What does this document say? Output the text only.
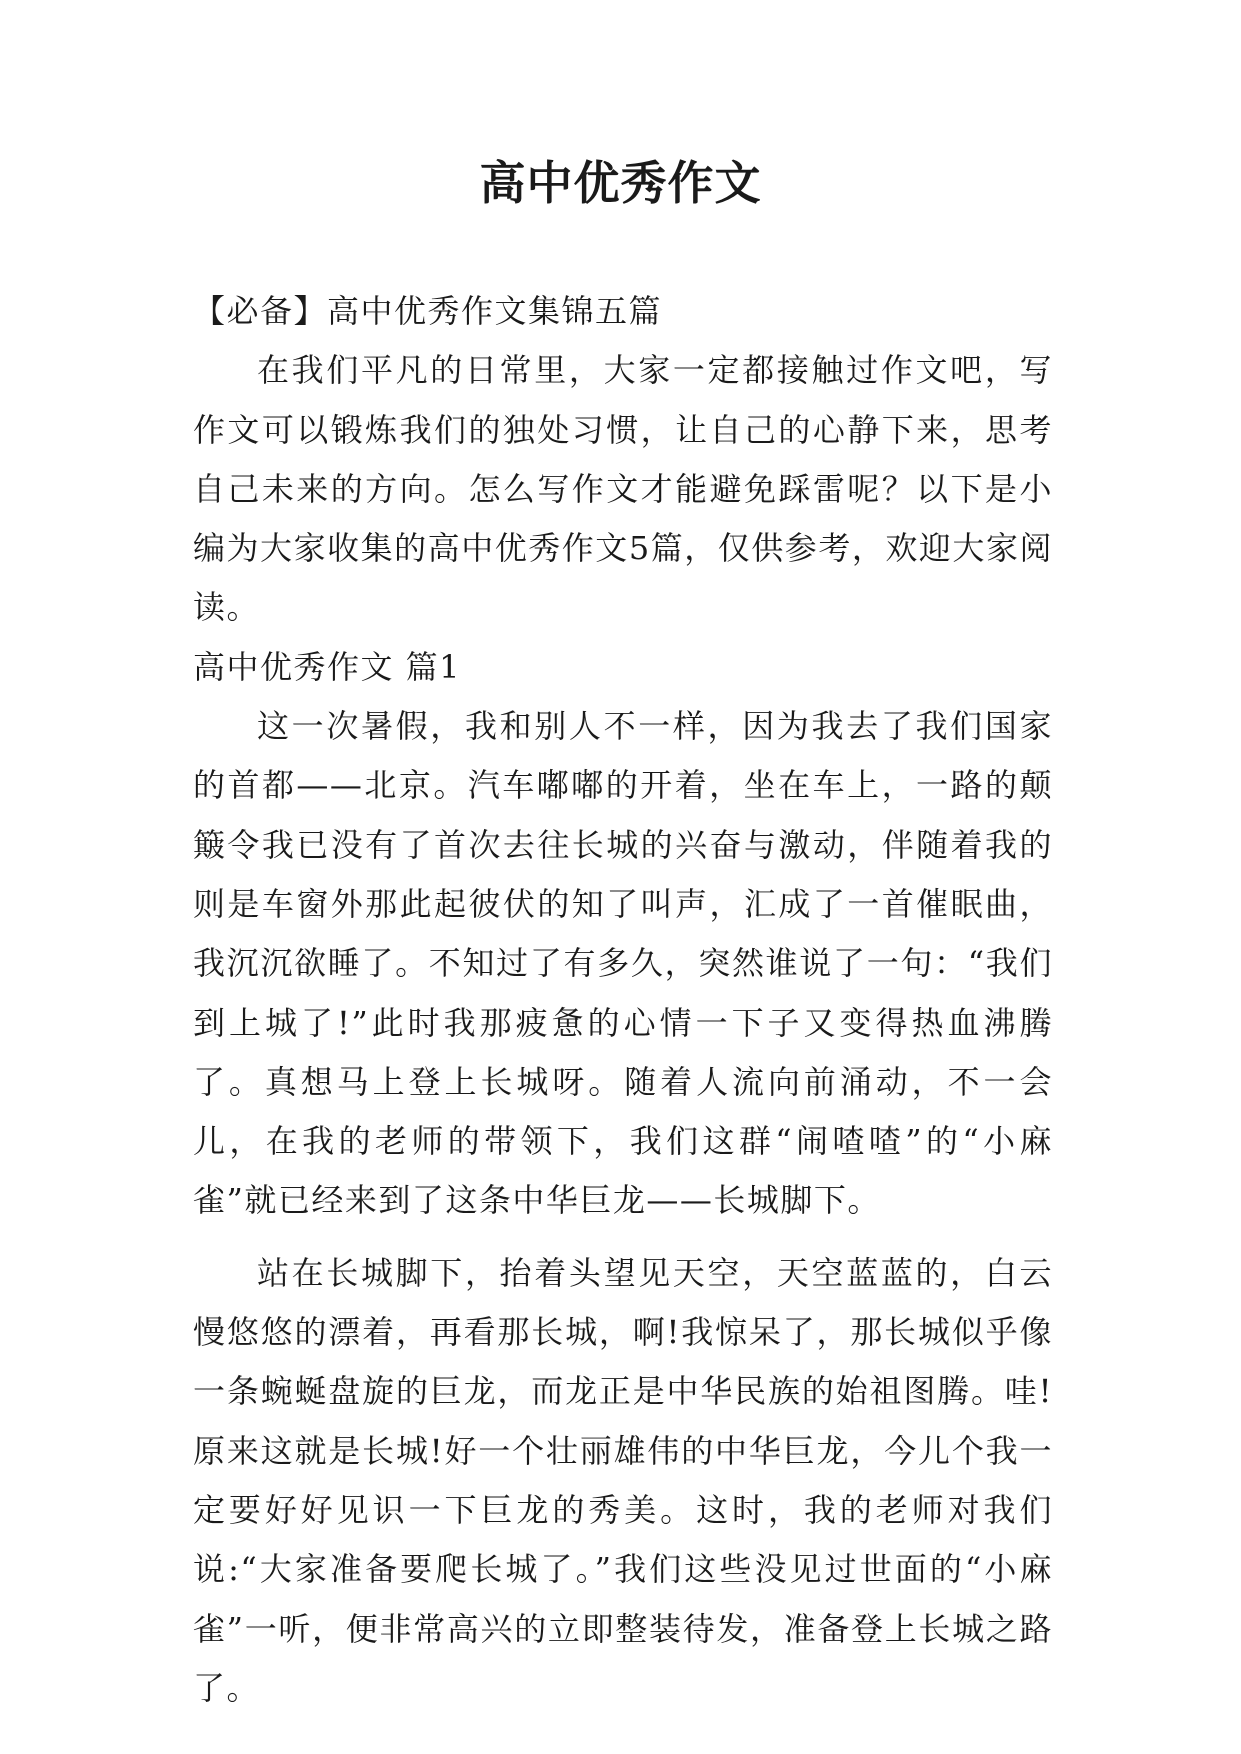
高中优秀作文

【必备】高中优秀作文集锦五篇

在我们平凡的日常里，大家一定都接触过作文吧，写作文可以锻炼我们的独处习惯，让自己的心静下来，思考自己未来的方向。怎么写作文才能避免踩雷呢？以下是小编为大家收集的高中优秀作文5篇，仅供参考，欢迎大家阅读。

高中优秀作文 篇1

这一次暑假，我和别人不一样，因为我去了我们国家的首都——北京。汽车嘟嘟的开着，坐在车上，一路的颠簸令我已没有了首次去往长城的兴奋与激动，伴随着我的则是车窗外那此起彼伏的知了叫声，汇成了一首催眠曲，我沉沉欲睡了。不知过了有多久，突然谁说了一句：“我们到上城了!”此时我那疲惫的心情一下子又变得热血沸腾了。真想马上登上长城呀。随着人流向前涌动，不一会儿，在我的老师的带领下，我们这群“闹喳喳”的“小麻雀”就已经来到了这条中华巨龙——长城脚下。

站在长城脚下，抬着头望见天空，天空蓝蓝的，白云慢悠悠的漂着，再看那长城，啊!我惊呆了，那长城似乎像一条蜿蜒盘旋的巨龙，而龙正是中华民族的始祖图腾。哇!原来这就是长城!好一个壮丽雄伟的中华巨龙，今儿个我一定要好好见识一下巨龙的秀美。这时，我的老师对我们说:“大家准备要爬长城了。”我们这些没见过世面的“小麻雀”一听，便非常高兴的立即整装待发，准备登上长城之路了。
